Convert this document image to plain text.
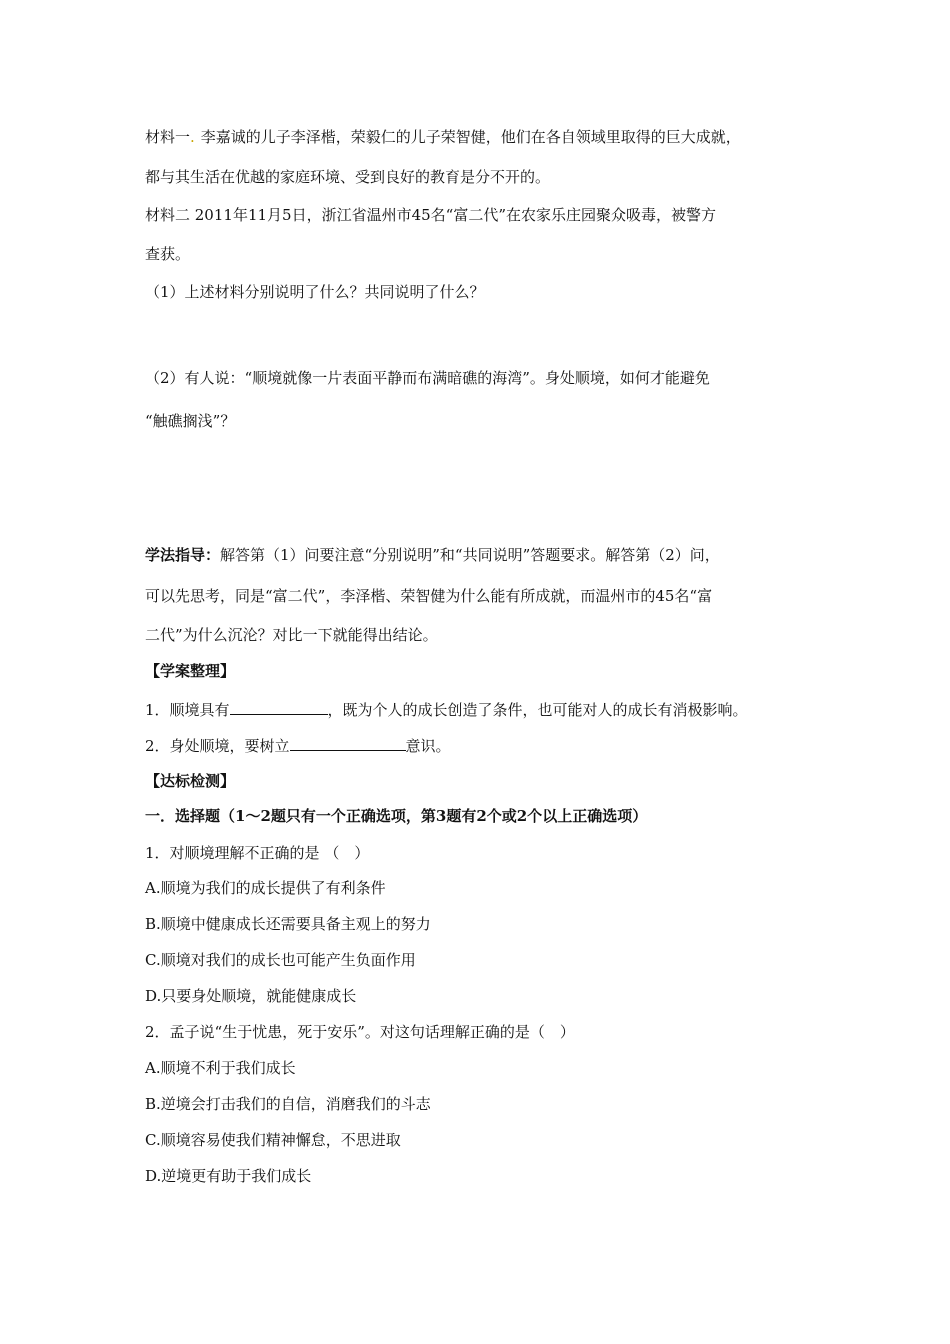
材料一. 李嘉诚的儿子李泽楷，荣毅仁的儿子荣智健，他们在各自领域里取得的巨大成就，
都与其生活在优越的家庭环境、受到良好的教育是分不开的。
材料二 2011年11月5日，浙江省温州市45名“富二代”在农家乐庄园聚众吸毒，被警方
查获。
（1）上述材料分别说明了什么？共同说明了什么？
（2）有人说：“顺境就像一片表面平静而布满暗礁的海湾”。身处顺境，如何才能避免
“触礁搁浅”？
学法指导：解答第（1）问要注意“分别说明”和“共同说明”答题要求。解答第（2）问，
可以先思考，同是“富二代”，李泽楷、荣智健为什么能有所成就，而温州市的45名“富
二代”为什么沉沦？对比一下就能得出结论。
【学案整理】
1．顺境具有	，既为个人的成长创造了条件，也可能对人的成长有消极影响。
2．身处顺境，要树立	意识。
【达标检测】
一．选择题（1～2题只有一个正确选项，第3题有2个或2个以上正确选项）
1．对顺境理解不正确的是 （　）
A.顺境为我们的成长提供了有利条件
B.顺境中健康成长还需要具备主观上的努力
C.顺境对我们的成长也可能产生负面作用
D.只要身处顺境，就能健康成长
2．孟子说“生于忧患，死于安乐”。对这句话理解正确的是（　）
A.顺境不利于我们成长
B.逆境会打击我们的自信，消磨我们的斗志
C.顺境容易使我们精神懈怠，不思进取
D.逆境更有助于我们成长
